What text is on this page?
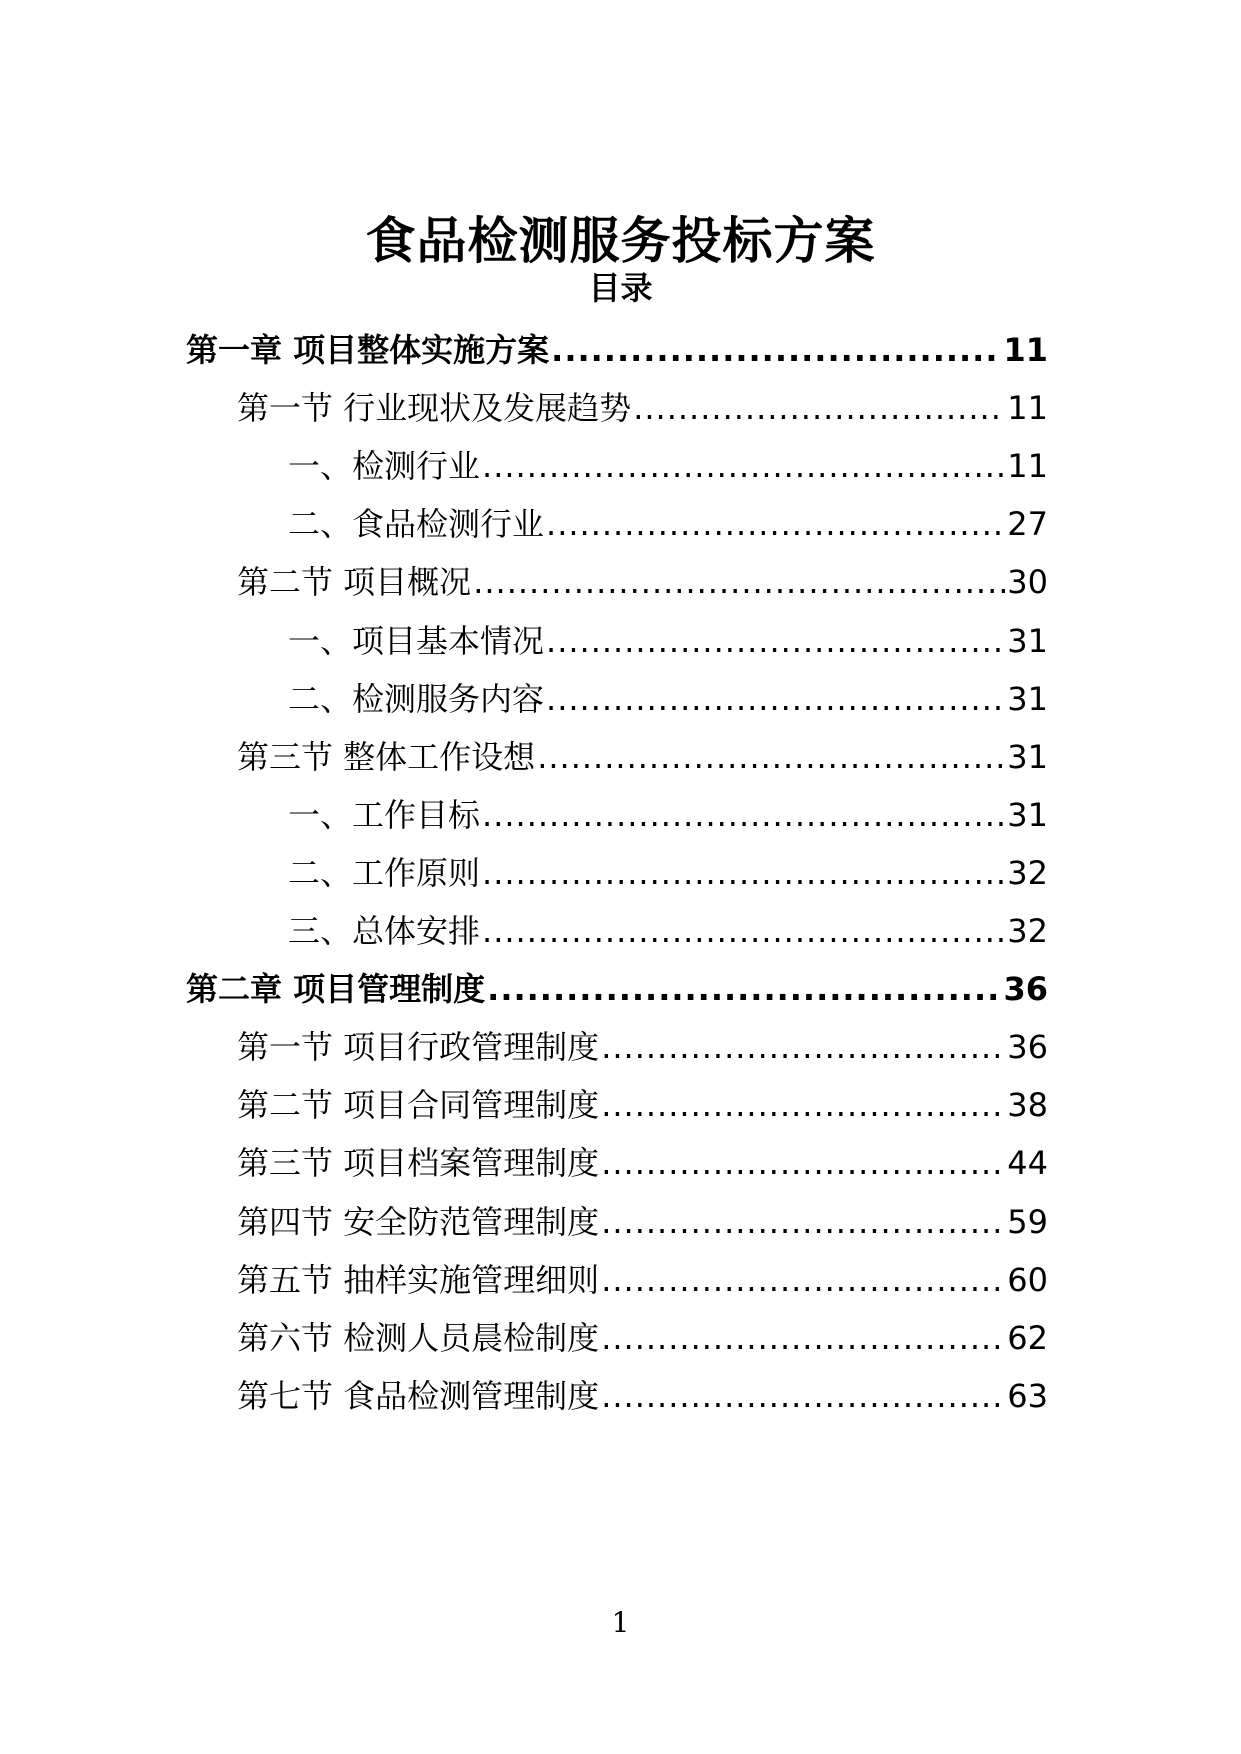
食品检测服务投标方案
目录
第一章 项目整体实施方案 .....	11
第一节 行业现状及发展趋势 .....	11
一、检测行业 .....	11
二、食品检测行业 .....	27
第二节 项目概况 .....	30
一、项目基本情况 .....	31
二、检测服务内容 .....	31
第三节 整体工作设想 .....	31
一、工作目标 .....	31
二、工作原则 .....	32
三、总体安排 .....	32
第二章 项目管理制度 .....	36
第一节 项目行政管理制度 .....	36
第二节 项目合同管理制度 .....	38
第三节 项目档案管理制度 .....	44
第四节 安全防范管理制度 .....	59
第五节 抽样实施管理细则 .....	60
第六节 检测人员晨检制度 .....	62
第七节 食品检测管理制度 .....	63
1
